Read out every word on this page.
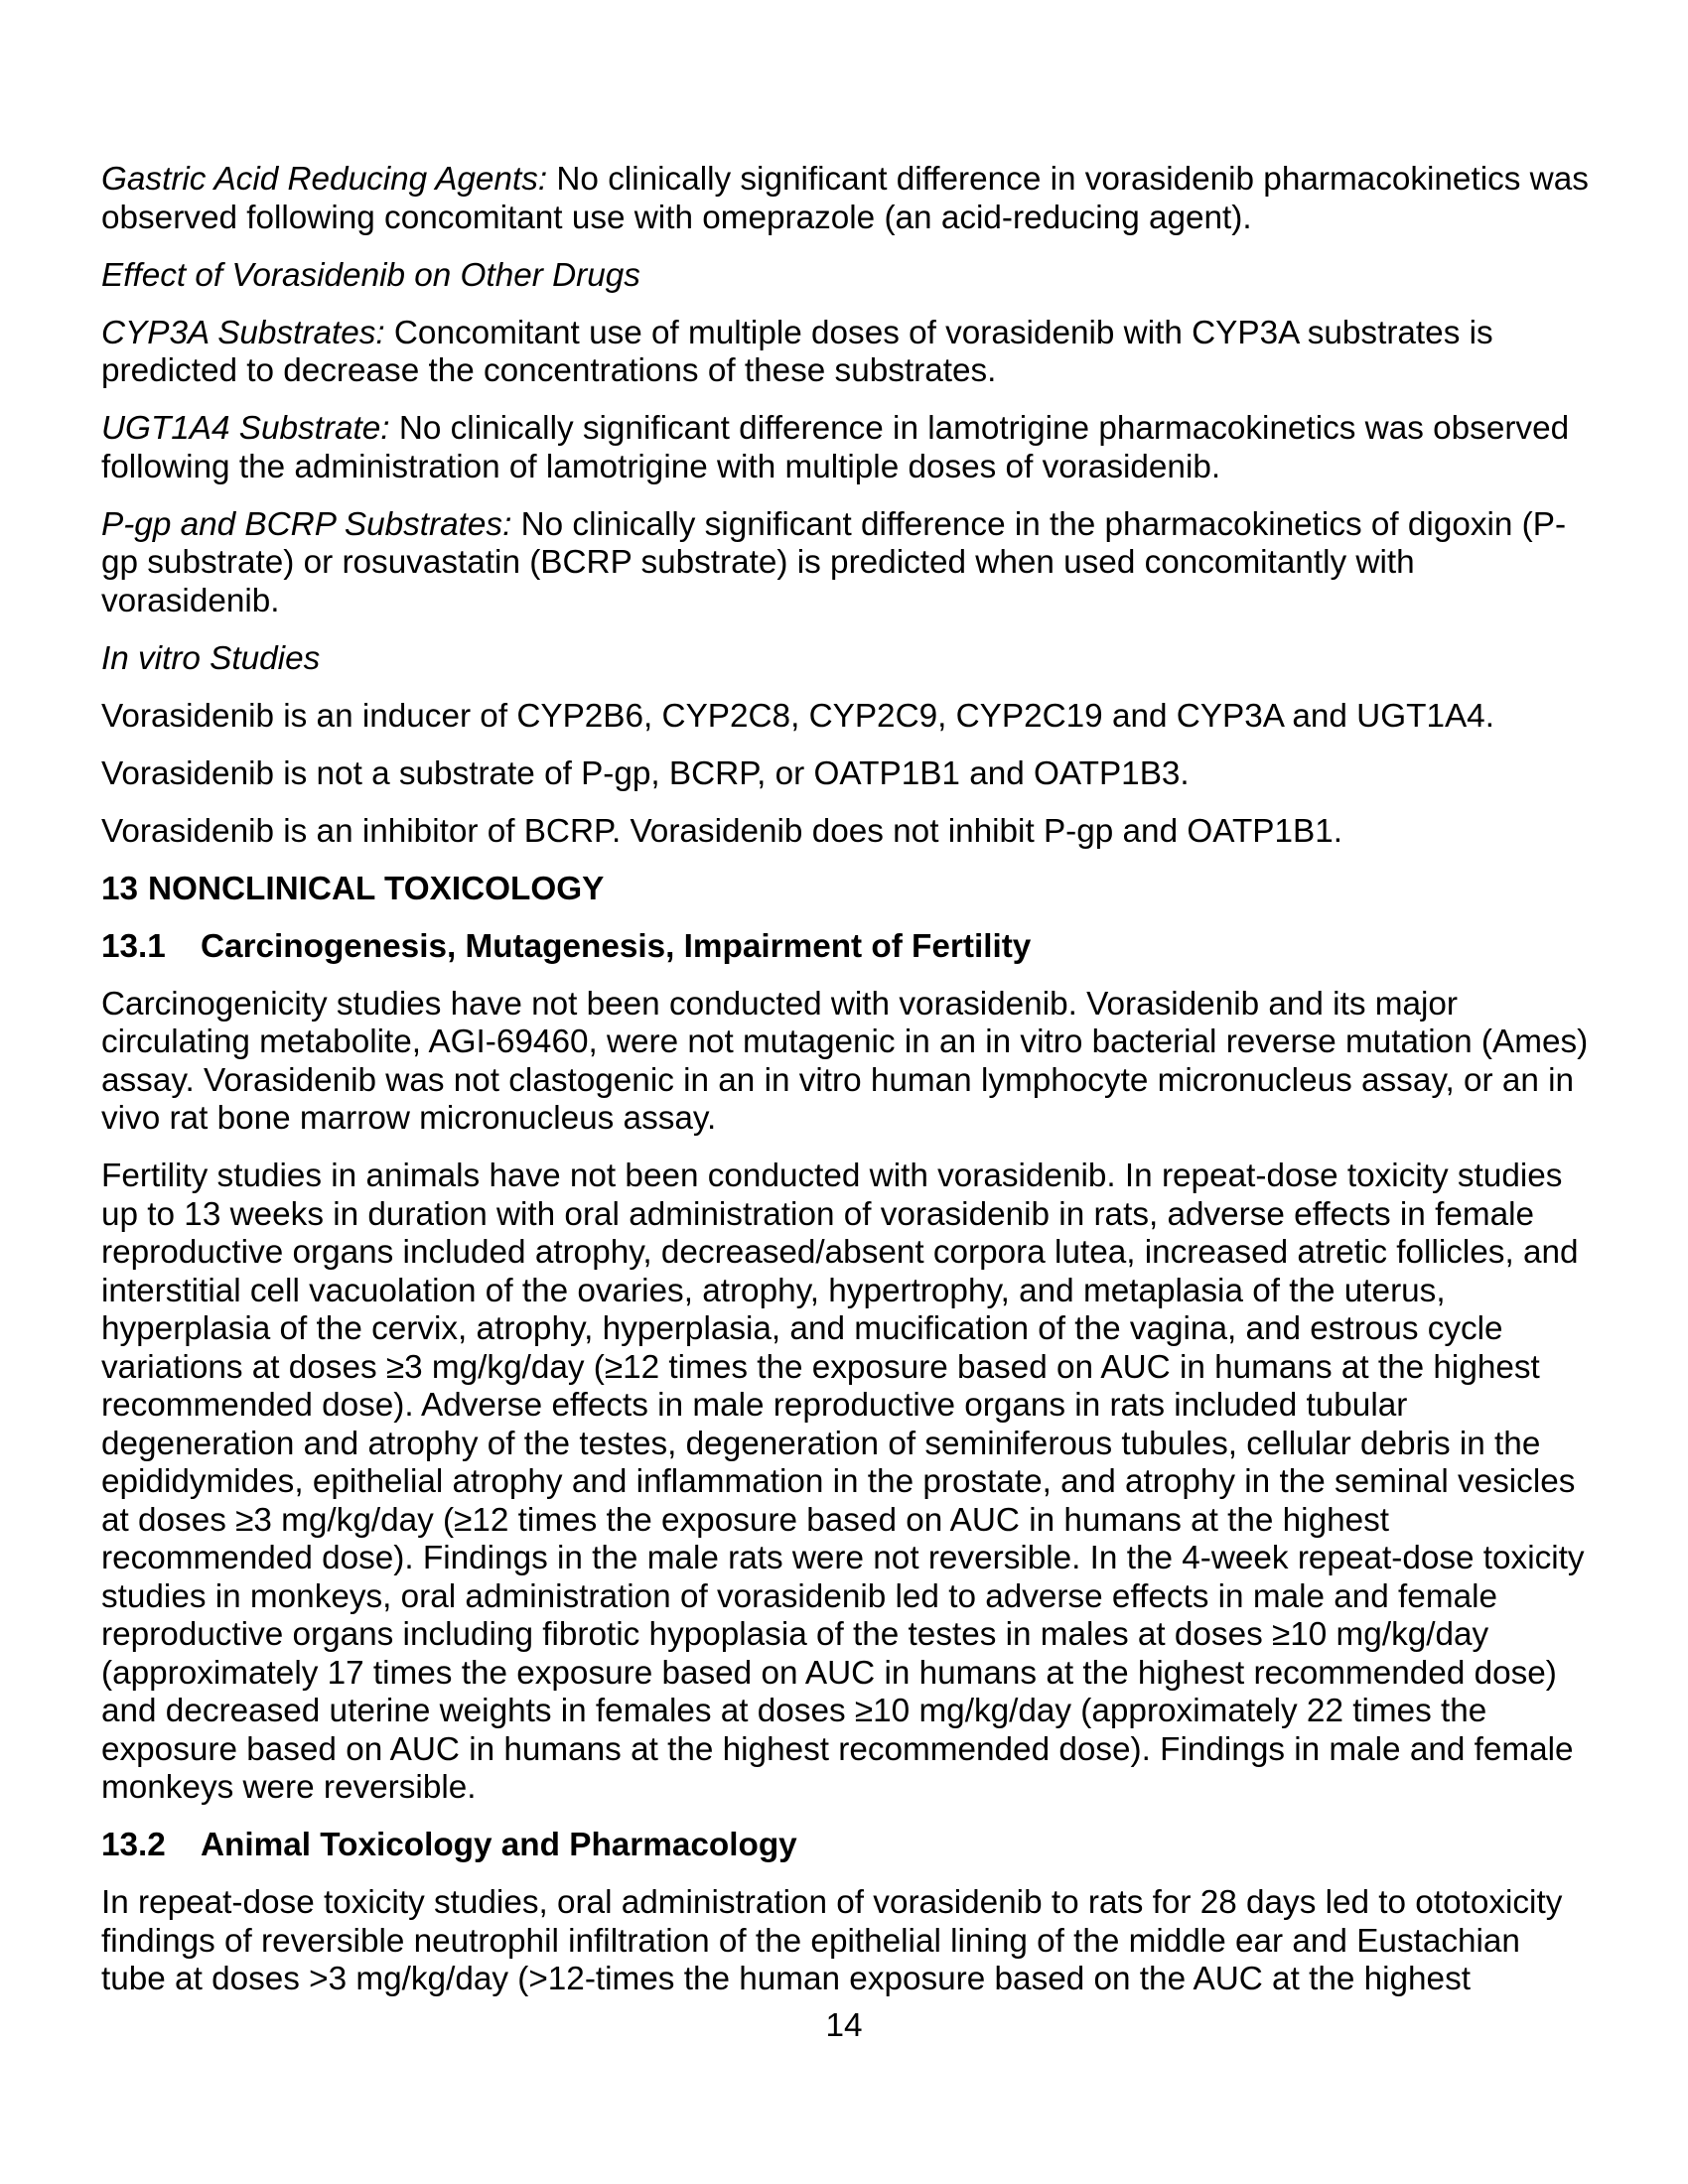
Gastric Acid Reducing Agents: No clinically significant difference in vorasidenib pharmacokinetics was observed following concomitant use with omeprazole (an acid-reducing agent).

Effect of Vorasidenib on Other Drugs

CYP3A Substrates: Concomitant use of multiple doses of vorasidenib with CYP3A substrates is predicted to decrease the concentrations of these substrates.

UGT1A4 Substrate: No clinically significant difference in lamotrigine pharmacokinetics was observed following the administration of lamotrigine with multiple doses of vorasidenib.

P-gp and BCRP Substrates: No clinically significant difference in the pharmacokinetics of digoxin (P-gp substrate) or rosuvastatin (BCRP substrate) is predicted when used concomitantly with vorasidenib.

In vitro Studies

Vorasidenib is an inducer of CYP2B6, CYP2C8, CYP2C9, CYP2C19 and CYP3A and UGT1A4.

Vorasidenib is not a substrate of P-gp, BCRP, or OATP1B1 and OATP1B3.

Vorasidenib is an inhibitor of BCRP. Vorasidenib does not inhibit P-gp and OATP1B1.

13 NONCLINICAL TOXICOLOGY
13.1 Carcinogenesis, Mutagenesis, Impairment of Fertility

Carcinogenicity studies have not been conducted with vorasidenib. Vorasidenib and its major circulating metabolite, AGI-69460, were not mutagenic in an in vitro bacterial reverse mutation (Ames) assay. Vorasidenib was not clastogenic in an in vitro human lymphocyte micronucleus assay, or an in vivo rat bone marrow micronucleus assay.

Fertility studies in animals have not been conducted with vorasidenib. In repeat-dose toxicity studies up to 13 weeks in duration with oral administration of vorasidenib in rats, adverse effects in female reproductive organs included atrophy, decreased/absent corpora lutea, increased atretic follicles, and interstitial cell vacuolation of the ovaries, atrophy, hypertrophy, and metaplasia of the uterus, hyperplasia of the cervix, atrophy, hyperplasia, and mucification of the vagina, and estrous cycle variations at doses ≥3 mg/kg/day (≥12 times the exposure based on AUC in humans at the highest recommended dose). Adverse effects in male reproductive organs in rats included tubular degeneration and atrophy of the testes, degeneration of seminiferous tubules, cellular debris in the epididymides, epithelial atrophy and inflammation in the prostate, and atrophy in the seminal vesicles at doses ≥3 mg/kg/day (≥12 times the exposure based on AUC in humans at the highest recommended dose). Findings in the male rats were not reversible. In the 4-week repeat-dose toxicity studies in monkeys, oral administration of vorasidenib led to adverse effects in male and female reproductive organs including fibrotic hypoplasia of the testes in males at doses ≥10 mg/kg/day (approximately 17 times the exposure based on AUC in humans at the highest recommended dose) and decreased uterine weights in females at doses ≥10 mg/kg/day (approximately 22 times the exposure based on AUC in humans at the highest recommended dose). Findings in male and female monkeys were reversible.

13.2 Animal Toxicology and Pharmacology

In repeat-dose toxicity studies, oral administration of vorasidenib to rats for 28 days led to ototoxicity findings of reversible neutrophil infiltration of the epithelial lining of the middle ear and Eustachian tube at doses >3 mg/kg/day (>12-times the human exposure based on the AUC at the highest

14
